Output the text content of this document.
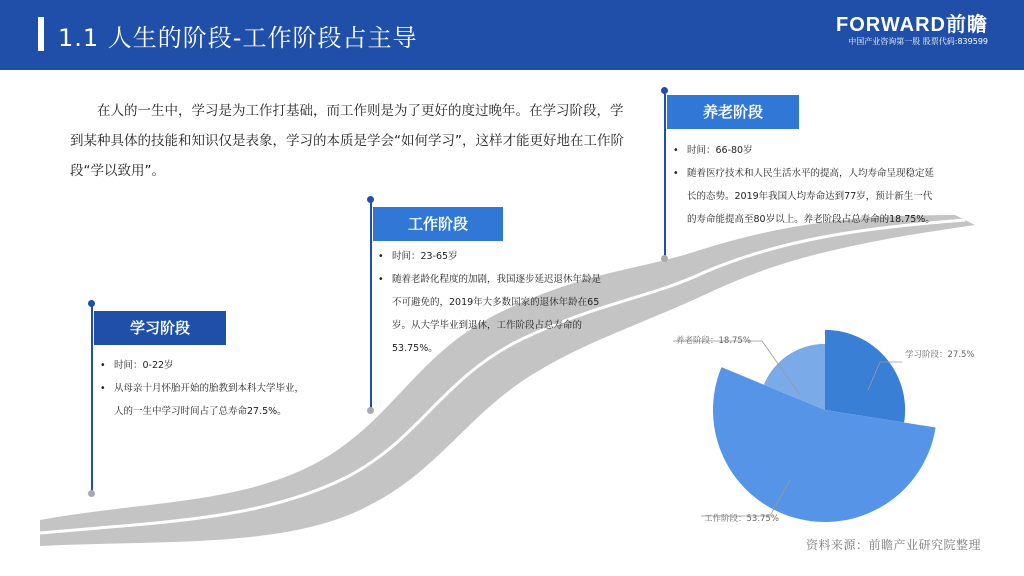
1.1 人生的阶段-工作阶段占主导	FORWARD前瞻
中国产业咨询第一股 股票代码:839599
在人的一生中，学习是为工作打基础，而工作则是为了更好的度过晚年。在学习阶段，学到某种具体的技能和知识仅是表象，学习的本质是学会“如何学习”，这样才能更好地在工作阶段“学以致用”。
学习阶段
• 时间：0-22岁
• 从母亲十月怀胎开始的胎教到本科大学毕业，人的一生中学习时间占了总寿命27.5%。
工作阶段
• 时间：23-65岁
• 随着老龄化程度的加剧，我国逐步延迟退休年龄是不可避免的，2019年大多数国家的退休年龄在65岁。从大学毕业到退休，工作阶段占总寿命的53.75%。
养老阶段
• 时间：66-80岁
• 随着医疗技术和人民生活水平的提高，人均寿命呈现稳定延长的态势。2019年我国人均寿命达到77岁，预计新生一代的寿命能提高至80岁以上。养老阶段占总寿命的18.75%。
学习阶段：27.5%
工作阶段：53.75%
养老阶段：18.75%
资料来源：前瞻产业研究院整理
